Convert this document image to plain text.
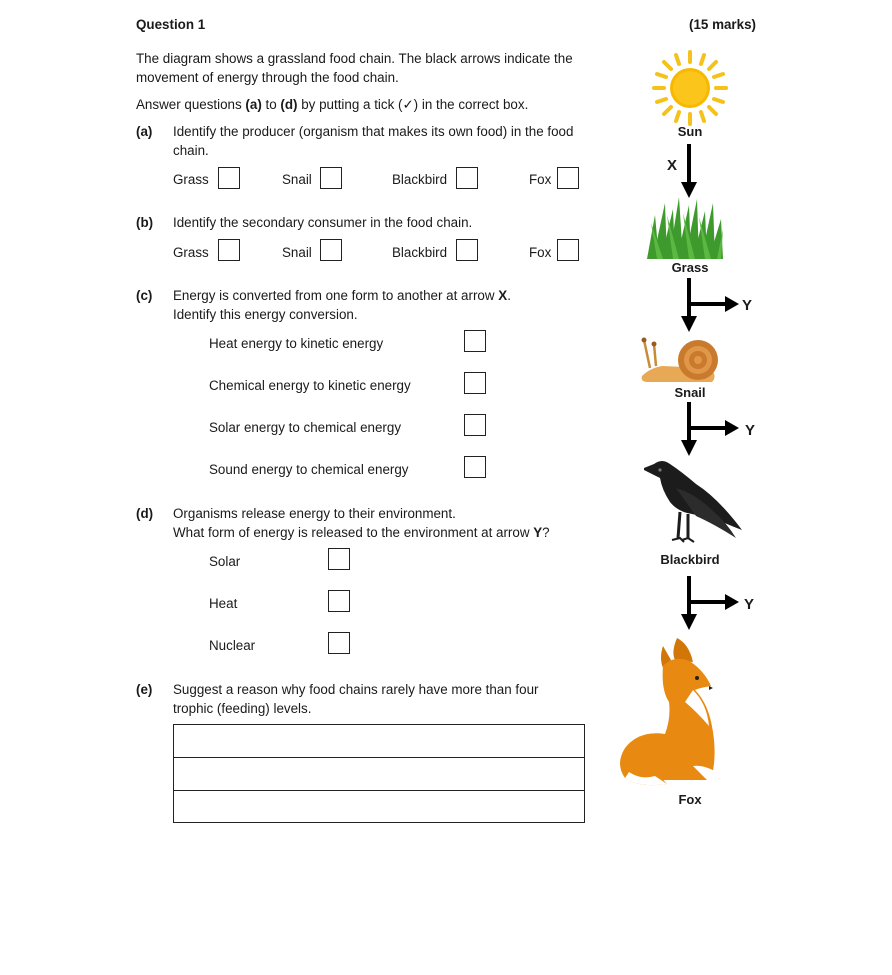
Question 1	(15 marks)
The diagram shows a grassland food chain. The black arrows indicate the
movement of energy through the food chain.
Answer questions (a) to (d) by putting a tick (✓) in the correct box.
(a) Identify the producer (organism that makes its own food) in the food
chain.
Grass	Snail	Blackbird	Fox
(b) Identify the secondary consumer in the food chain.
Grass	Snail	Blackbird	Fox
(c) Energy is converted from one form to another at arrow X.
Identify this energy conversion.
Heat energy to kinetic energy
Chemical energy to kinetic energy
Solar energy to chemical energy
Sound energy to chemical energy
(d) Organisms release energy to their environment.
What form of energy is released to the environment at arrow Y?
Solar
Heat
Nuclear
(e) Suggest a reason why food chains rarely have more than four
trophic (feeding) levels.
Sun
X
Grass
Y
Snail
Y
Blackbird
Y
Fox
